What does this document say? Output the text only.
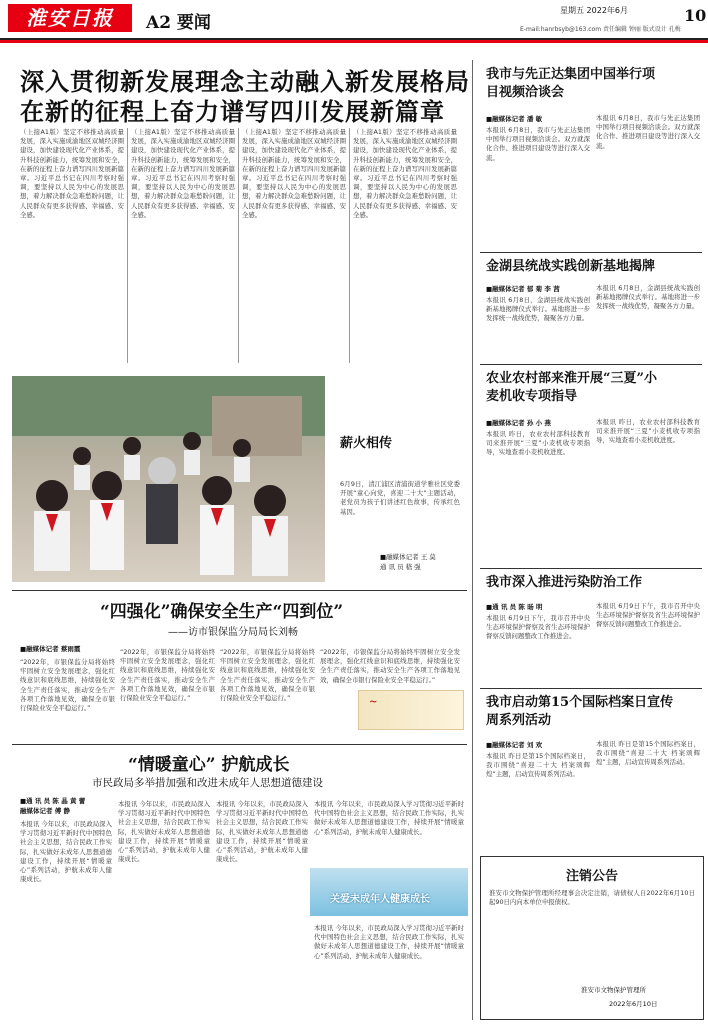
淮安日报	A2 要闻
星期五 2022年6月	10
E-mail:hanrbsyb@163.com 责任编辑 钟丽 版式设计 孔梅
深入贯彻新发展理念主动融入新发展格局
在新的征程上奋力谱写四川发展新篇章
（上接A1版）坚定不移推动高质量发展，深入实施成渝地区双城经济圈建设，加快建设现代化产业体系，提升科技创新能力，统筹发展和安全，在新的征程上奋力谱写四川发展新篇章。习近平总书记在四川考察时强调，要坚持以人民为中心的发展思想，着力解决群众急难愁盼问题，让人民群众有更多获得感、幸福感、安全感。
（上接A1版）坚定不移推动高质量发展，深入实施成渝地区双城经济圈建设，加快建设现代化产业体系，提升科技创新能力，统筹发展和安全，在新的征程上奋力谱写四川发展新篇章。习近平总书记在四川考察时强调，要坚持以人民为中心的发展思想，着力解决群众急难愁盼问题，让人民群众有更多获得感、幸福感、安全感。
（上接A1版）坚定不移推动高质量发展，深入实施成渝地区双城经济圈建设，加快建设现代化产业体系，提升科技创新能力，统筹发展和安全，在新的征程上奋力谱写四川发展新篇章。习近平总书记在四川考察时强调，要坚持以人民为中心的发展思想，着力解决群众急难愁盼问题，让人民群众有更多获得感、幸福感、安全感。
（上接A1版）坚定不移推动高质量发展，深入实施成渝地区双城经济圈建设，加快建设现代化产业体系，提升科技创新能力，统筹发展和安全，在新的征程上奋力谱写四川发展新篇章。习近平总书记在四川考察时强调，要坚持以人民为中心的发展思想，着力解决群众急难愁盼问题，让人民群众有更多获得感、幸福感、安全感。
薪火相传
6月9日，清江浦区清浦街道学雅社区党委开展“童心向党，喜迎二十大”主题活动，老党员为孩子们讲述红色故事，传承红色基因。
■融媒体记者 王 莫
通 讯 员 嵇 强
“四强化”确保安全生产“四到位”
——访市银保监分局局长刘畅
■融媒体记者 蔡雨霞
“2022年，市银保监分局将始终牢固树立安全发展理念，强化红线意识和底线思维，持续强化安全生产责任落实，推动安全生产各项工作落地见效，确保全市银行保险业安全平稳运行。”
“2022年，市银保监分局将始终牢固树立安全发展理念，强化红线意识和底线思维，持续强化安全生产责任落实，推动安全生产各项工作落地见效，确保全市银行保险业安全平稳运行。”
“2022年，市银保监分局将始终牢固树立安全发展理念，强化红线意识和底线思维，持续强化安全生产责任落实，推动安全生产各项工作落地见效，确保全市银行保险业安全平稳运行。”
“2022年，市银保监分局将始终牢固树立安全发展理念，强化红线意识和底线思维，持续强化安全生产责任落实，推动安全生产各项工作落地见效，确保全市银行保险业安全平稳运行。”
~
“情暖童心” 护航成长
市民政局多举措加强和改进未成年人思想道德建设
■通 讯 员 陈 晶 黄 蕾
融媒体记者 傅 静
本报讯 今年以来，市民政局深入学习贯彻习近平新时代中国特色社会主义思想，结合民政工作实际，扎实做好未成年人思想道德建设工作，持续开展“情暖童心”系列活动，护航未成年人健康成长。
本报讯 今年以来，市民政局深入学习贯彻习近平新时代中国特色社会主义思想，结合民政工作实际，扎实做好未成年人思想道德建设工作，持续开展“情暖童心”系列活动，护航未成年人健康成长。
本报讯 今年以来，市民政局深入学习贯彻习近平新时代中国特色社会主义思想，结合民政工作实际，扎实做好未成年人思想道德建设工作，持续开展“情暖童心”系列活动，护航未成年人健康成长。
本报讯 今年以来，市民政局深入学习贯彻习近平新时代中国特色社会主义思想，结合民政工作实际，扎实做好未成年人思想道德建设工作，持续开展“情暖童心”系列活动，护航未成年人健康成长。
关爱未成年人健康成长
本报讯 今年以来，市民政局深入学习贯彻习近平新时代中国特色社会主义思想，结合民政工作实际，扎实做好未成年人思想道德建设工作，持续开展“情暖童心”系列活动，护航未成年人健康成长。
我市与先正达集团中国举行项目视频洽谈会
■融媒体记者 潘 敏
本报讯 6月8日，我市与先正达集团中国举行项目视频洽谈会。双方就深化合作、推进项目建设等进行深入交流。
本报讯 6月8日，我市与先正达集团中国举行项目视频洽谈会。双方就深化合作、推进项目建设等进行深入交流。
金湖县统战实践创新基地揭牌
■融媒体记者 郁 菊 李 茜
本报讯 6月8日，金湖县统战实践创新基地揭牌仪式举行。基地将进一步发挥统一战线优势，凝聚各方力量。
本报讯 6月8日，金湖县统战实践创新基地揭牌仪式举行。基地将进一步发挥统一战线优势，凝聚各方力量。
农业农村部来淮开展“三夏”小麦机收专项指导
■融媒体记者 孙 小 燕
本报讯 昨日，农业农村部科技教育司来淮开展“三夏”小麦机收专项指导，实地查看小麦机收进度。
本报讯 昨日，农业农村部科技教育司来淮开展“三夏”小麦机收专项指导，实地查看小麦机收进度。
我市深入推进污染防治工作
■通 讯 员 陈 旸 明
本报讯 6月9日下午，我市召开中央生态环境保护督察及省生态环境保护督察反馈问题整改工作推进会。
本报讯 6月9日下午，我市召开中央生态环境保护督察及省生态环境保护督察反馈问题整改工作推进会。
我市启动第15个国际档案日宣传周系列活动
■融媒体记者 刘 欢
本报讯 昨日是第15个国际档案日，我市围绕“喜迎二十大 档案颂辉煌”主题，启动宣传周系列活动。
本报讯 昨日是第15个国际档案日，我市围绕“喜迎二十大 档案颂辉煌”主题，启动宣传周系列活动。
注销公告
淮安市文物保护管理所经理事会决定注销，请债权人自2022年6月10日起90日内向本单位申报债权。
淮安市文物保护管理所
2022年6月10日
